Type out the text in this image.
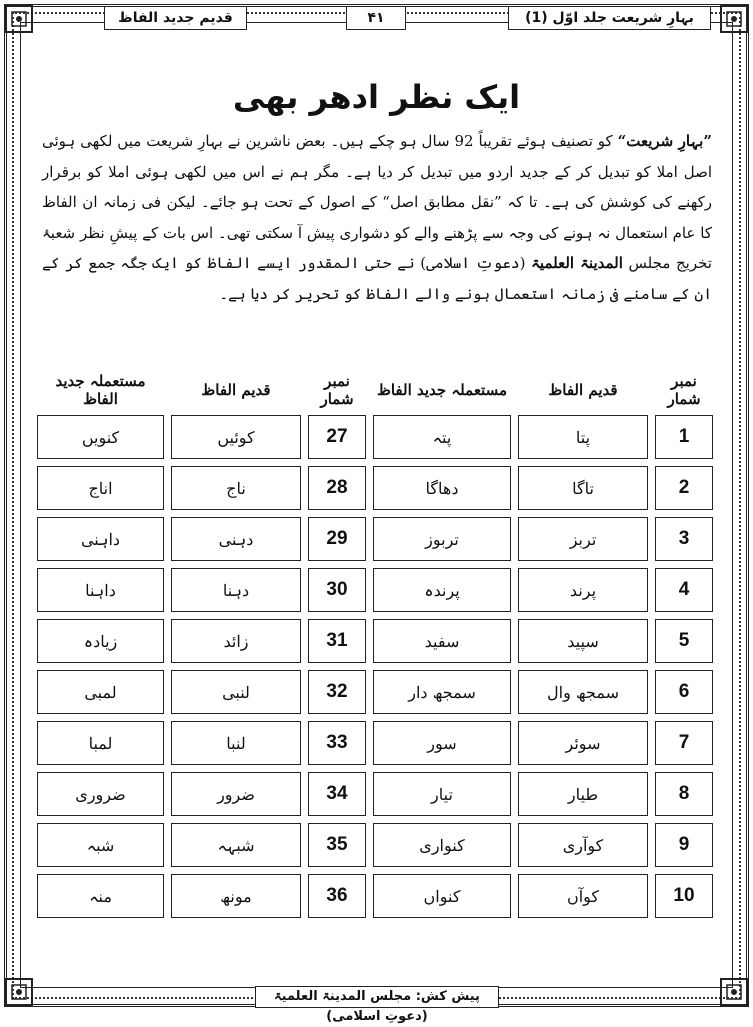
بہارِ شریعت جلد اوّل (1)
۴۱
قدیم جدید الفاظ
ایک نظر ادھر بھی
”بہارِ شریعت“ کو تصنیف ہوئے تقریباً 92 سال ہو چکے ہیں۔ بعض ناشرین نے بہارِ شریعت میں لکھی ہوئی اصل املا کو تبدیل کر کے جدید اردو میں تبدیل کر دیا ہے۔ مگر ہم نے اس میں لکھی ہوئی املا کو برقرار رکھنے کی کوشش کی ہے۔ تا کہ ”نقل مطابق اصل“ کے اصول کے تحت ہو جائے۔ لیکن فی زمانہ ان الفاظ کا عام استعمال نہ ہونے کی وجہ سے پڑھنے والے کو دشواری پیش آ سکتی تھی۔ اس بات کے پیشِ نظر شعبۂ تخریج مجلس المدینۃ العلمیۃ (دعوتِ اسلامی) نے حتی المقدور ایسے الفاظ کو ایک جگہ جمع کر کے ان کے سامنے فی زمانہ استعمال ہونے والے الفاظ کو تحریر کر دیا ہے۔
نمبر شمار		قدیم الفاظ		مستعملہ جدید الفاظ		نمبر شمار		قدیم الفاظ		مستعملہ جدید الفاظ
1		پتا		پتہ		27		کوئیں		کنویں
2		تاگا		دھاگا		28		ناج		اناج
3		تربز		تربوز		29		دہنی		داہنی
4		پرند		پرندہ		30		دہنا		داہنا
5		سپید		سفید		31		زائد		زیادہ
6		سمجھ وال		سمجھ دار		32		لنبی		لمبی
7		سوئر		سور		33		لنبا		لمبا
8		طیار		تیار		34		ضرور		ضروری
9		کوآری		کنواری		35		شبہہ		شبہ
10		کوآں		کنواں		36		مونھ		منہ
پیش کش: مجلس المدینۃ العلمیۃ (دعوتِ اسلامی)
